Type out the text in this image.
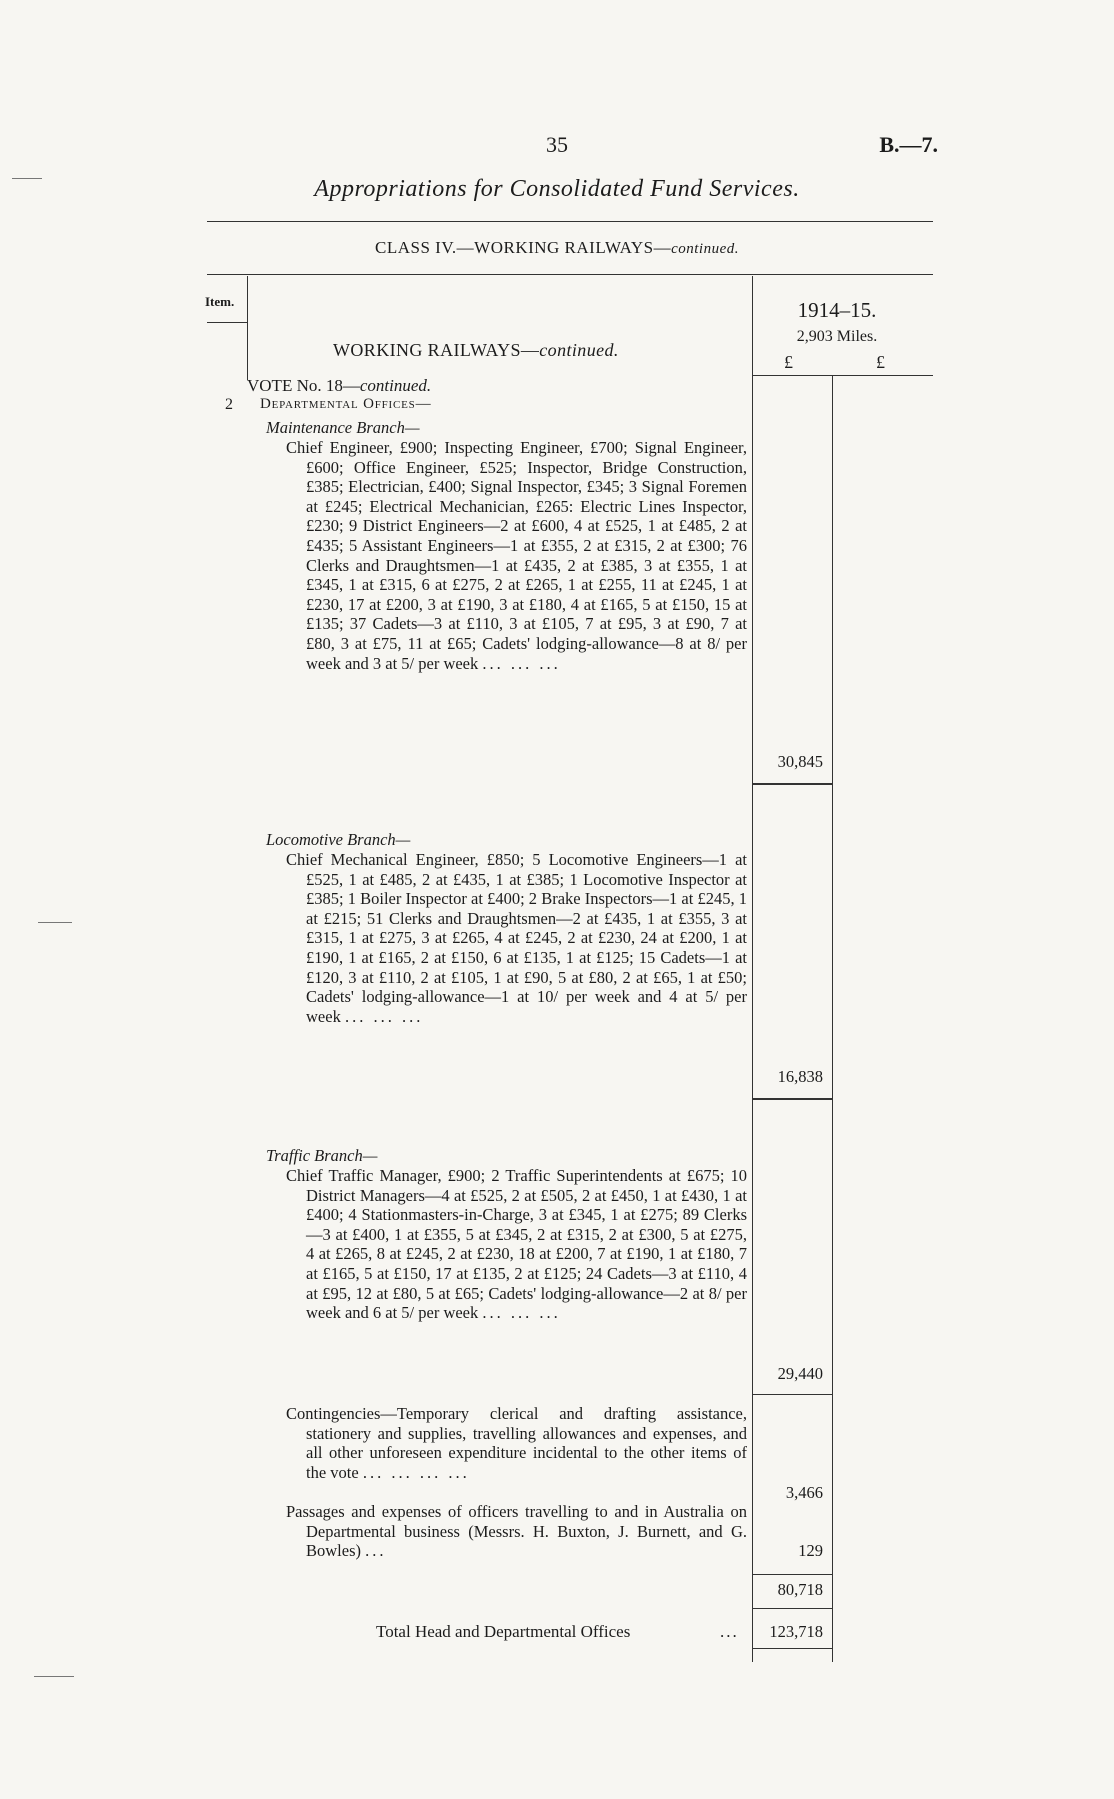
35	B.—7.
Appropriations for Consolidated Fund Services.
CLASS IV.—WORKING RAILWAYS—continued.
Item.	1914–15.
2,903 Miles.
£	£
WORKING RAILWAYS—continued.
VOTE No. 18—continued.
2 Departmental Offices—
Maintenance Branch—
Chief Engineer, £900; Inspecting Engineer, £700; Signal Engineer, £600; Office Engineer, £525; Inspector, Bridge Construction, £385; Electrician, £400; Signal Inspector, £345; 3 Signal Foremen at £245; Electrical Mechanician, £265: Electric Lines Inspector, £230; 9 District Engineers—2 at £600, 4 at £525, 1 at £485, 2 at £435; 5 Assistant Engineers—1 at £355, 2 at £315, 2 at £300; 76 Clerks and Draughtsmen—1 at £435, 2 at £385, 3 at £355, 1 at £345, 1 at £315, 6 at £275, 2 at £265, 1 at £255, 11 at £245, 1 at £230, 17 at £200, 3 at £190, 3 at £180, 4 at £165, 5 at £150, 15 at £135; 37 Cadets—3 at £110, 3 at £105, 7 at £95, 3 at £90, 7 at £80, 3 at £75, 11 at £65; Cadets' lodging-allowance—8 at 8/ per week and 3 at 5/ per week ... ... ...
30,845
Locomotive Branch—
Chief Mechanical Engineer, £850; 5 Locomotive Engineers—1 at £525, 1 at £485, 2 at £435, 1 at £385; 1 Locomotive Inspector at £385; 1 Boiler Inspector at £400; 2 Brake Inspectors—1 at £245, 1 at £215; 51 Clerks and Draughtsmen—2 at £435, 1 at £355, 3 at £315, 1 at £275, 3 at £265, 4 at £245, 2 at £230, 24 at £200, 1 at £190, 1 at £165, 2 at £150, 6 at £135, 1 at £125; 15 Cadets—1 at £120, 3 at £110, 2 at £105, 1 at £90, 5 at £80, 2 at £65, 1 at £50; Cadets' lodging-allowance—1 at 10/ per week and 4 at 5/ per week ... ... ...
16,838
Traffic Branch—
Chief Traffic Manager, £900; 2 Traffic Superintendents at £675; 10 District Managers—4 at £525, 2 at £505, 2 at £450, 1 at £430, 1 at £400; 4 Stationmasters-in-Charge, 3 at £345, 1 at £275; 89 Clerks—3 at £400, 1 at £355, 5 at £345, 2 at £315, 2 at £300, 5 at £275, 4 at £265, 8 at £245, 2 at £230, 18 at £200, 7 at £190, 1 at £180, 7 at £165, 5 at £150, 17 at £135, 2 at £125; 24 Cadets—3 at £110, 4 at £95, 12 at £80, 5 at £65; Cadets' lodging-allowance—2 at 8/ per week and 6 at 5/ per week ... ... ...
29,440
Contingencies—Temporary clerical and drafting assistance, stationery and supplies, travelling allowances and expenses, and all other unforeseen expenditure incidental to the other items of the vote ... ... ... ...
3,466
Passages and expenses of officers travelling to and in Australia on Departmental business (Messrs. H. Buxton, J. Burnett, and G. Bowles) ...	129
80,718
Total Head and Departmental Offices	...	123,718
